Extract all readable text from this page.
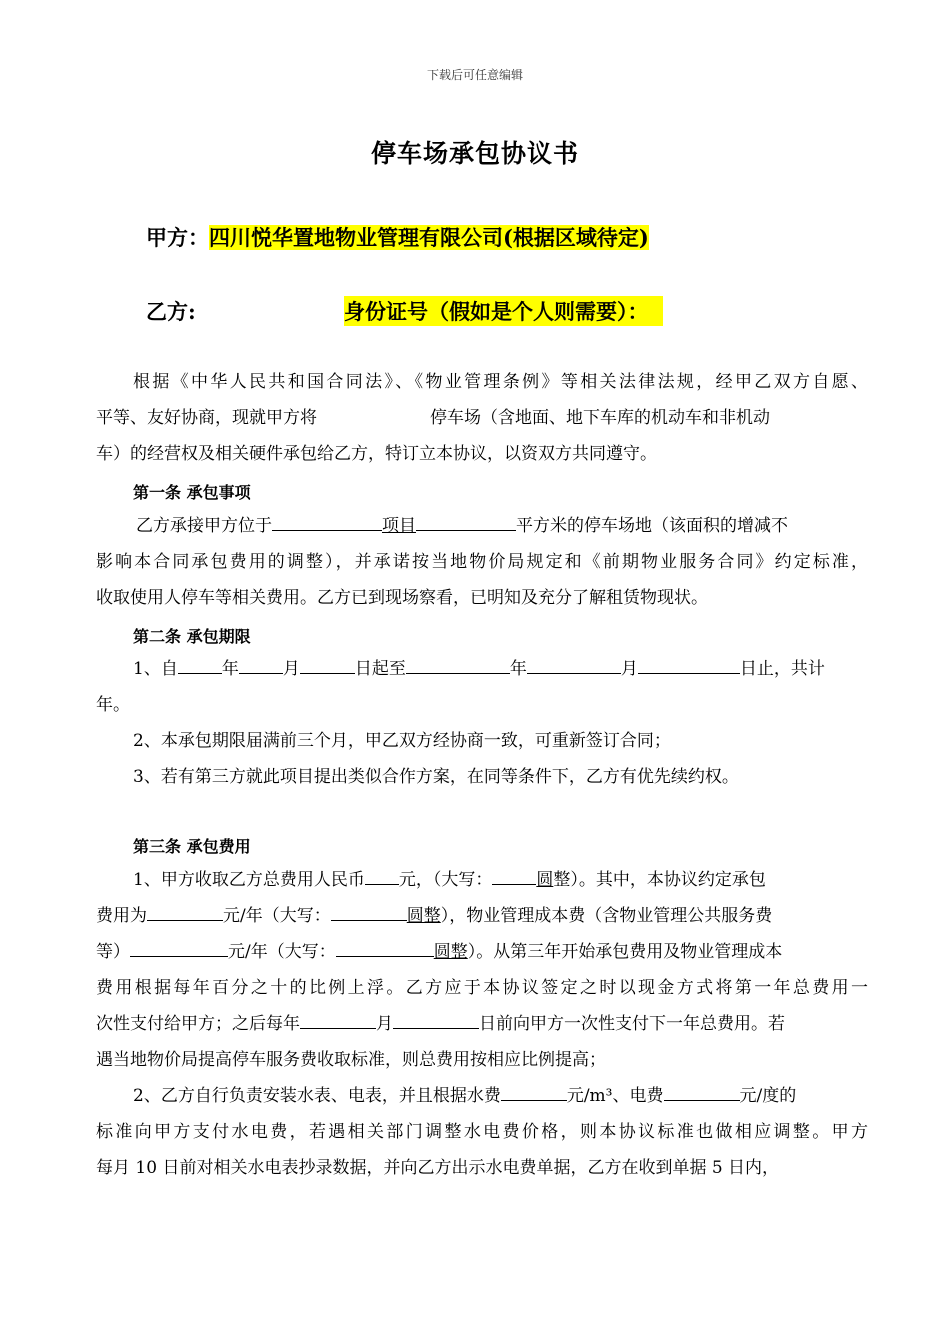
下载后可任意编辑
停车场承包协议书
甲方：四川悦华置地物业管理有限公司(根据区域待定)
乙方:	身份证号（假如是个人则需要）：
根据《中华人民共和国合同法》、《物业管理条例》等相关法律法规，经甲乙双方自愿、
平等、友好协商，现就甲方将	停车场（含地面、地下车库的机动车和非机动
车）的经营权及相关硬件承包给乙方，特订立本协议，以资双方共同遵守。
第一条 承包事项
乙方承接甲方位于	项目	平方米的停车场地（该面积的增减不
影响本合同承包费用的调整），并承诺按当地物价局规定和《前期物业服务合同》约定标准，
收取使用人停车等相关费用。乙方已到现场察看，已明知及充分了解租赁物现状。
第二条 承包期限
1、自	年	月	日起至	年	月	日止，共计
年。
2、本承包期限届满前三个月，甲乙双方经协商一致，可重新签订合同；
3、若有第三方就此项目提出类似合作方案，在同等条件下，乙方有优先续约权。
第三条 承包费用
1、甲方收取乙方总费用人民币 元，（大写：	圆整）。其中，本协议约定承包
费用为	元/年（大写：	圆整），物业管理成本费（含物业管理公共服务费
等）	元/年（大写：	圆整）。从第三年开始承包费用及物业管理成本
费用根据每年百分之十的比例上浮。乙方应于本协议签定之时以现金方式将第一年总费用一
次性支付给甲方；之后每年	月	日前向甲方一次性支付下一年总费用。若
遇当地物价局提高停车服务费收取标准，则总费用按相应比例提高；
2、乙方自行负责安装水表、电表，并且根据水费	元/m³、电费	元/度的
标准向甲方支付水电费，若遇相关部门调整水电费价格，则本协议标准也做相应调整。甲方
每月 10 日前对相关水电表抄录数据，并向乙方出示水电费单据，乙方在收到单据 5 日内，
